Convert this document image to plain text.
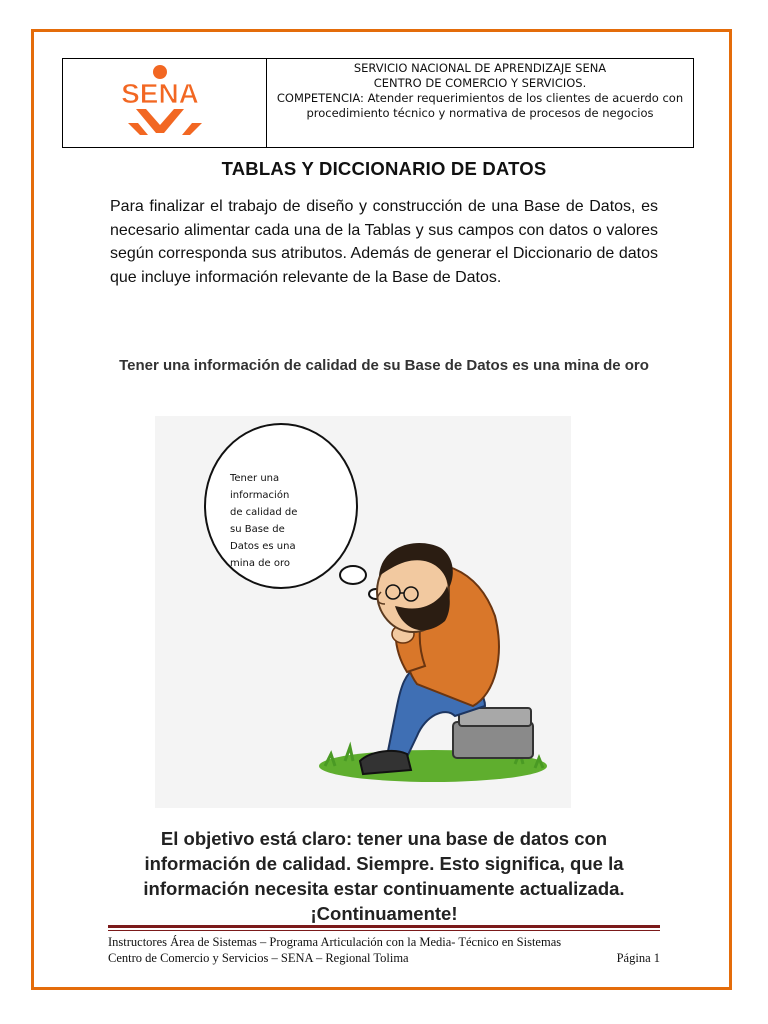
SENA
SERVICIO NACIONAL DE APRENDIZAJE SENA
CENTRO DE COMERCIO Y SERVICIOS.
COMPETENCIA: Atender requerimientos de los clientes de acuerdo con
procedimiento técnico y normativa de procesos de negocios
TABLAS Y DICCIONARIO DE DATOS
Para finalizar el trabajo de diseño y construcción de una Base de Datos, es necesario alimentar cada una de la Tablas y sus campos con datos o valores según corresponda sus atributos. Además de generar el Diccionario de datos que incluye información relevante de la Base de Datos.
Tener una información de calidad de su Base de Datos es una mina de oro
Tener una
información
de calidad de
su Base de
Datos es una
mina de oro
El objetivo está claro: tener una base de datos con
información de calidad. Siempre. Esto significa, que la
información necesita estar continuamente actualizada.
¡Continuamente!
Instructores Área de Sistemas – Programa Articulación con la Media- Técnico en Sistemas
Centro de Comercio y Servicios – SENA – Regional Tolima	Página 1
